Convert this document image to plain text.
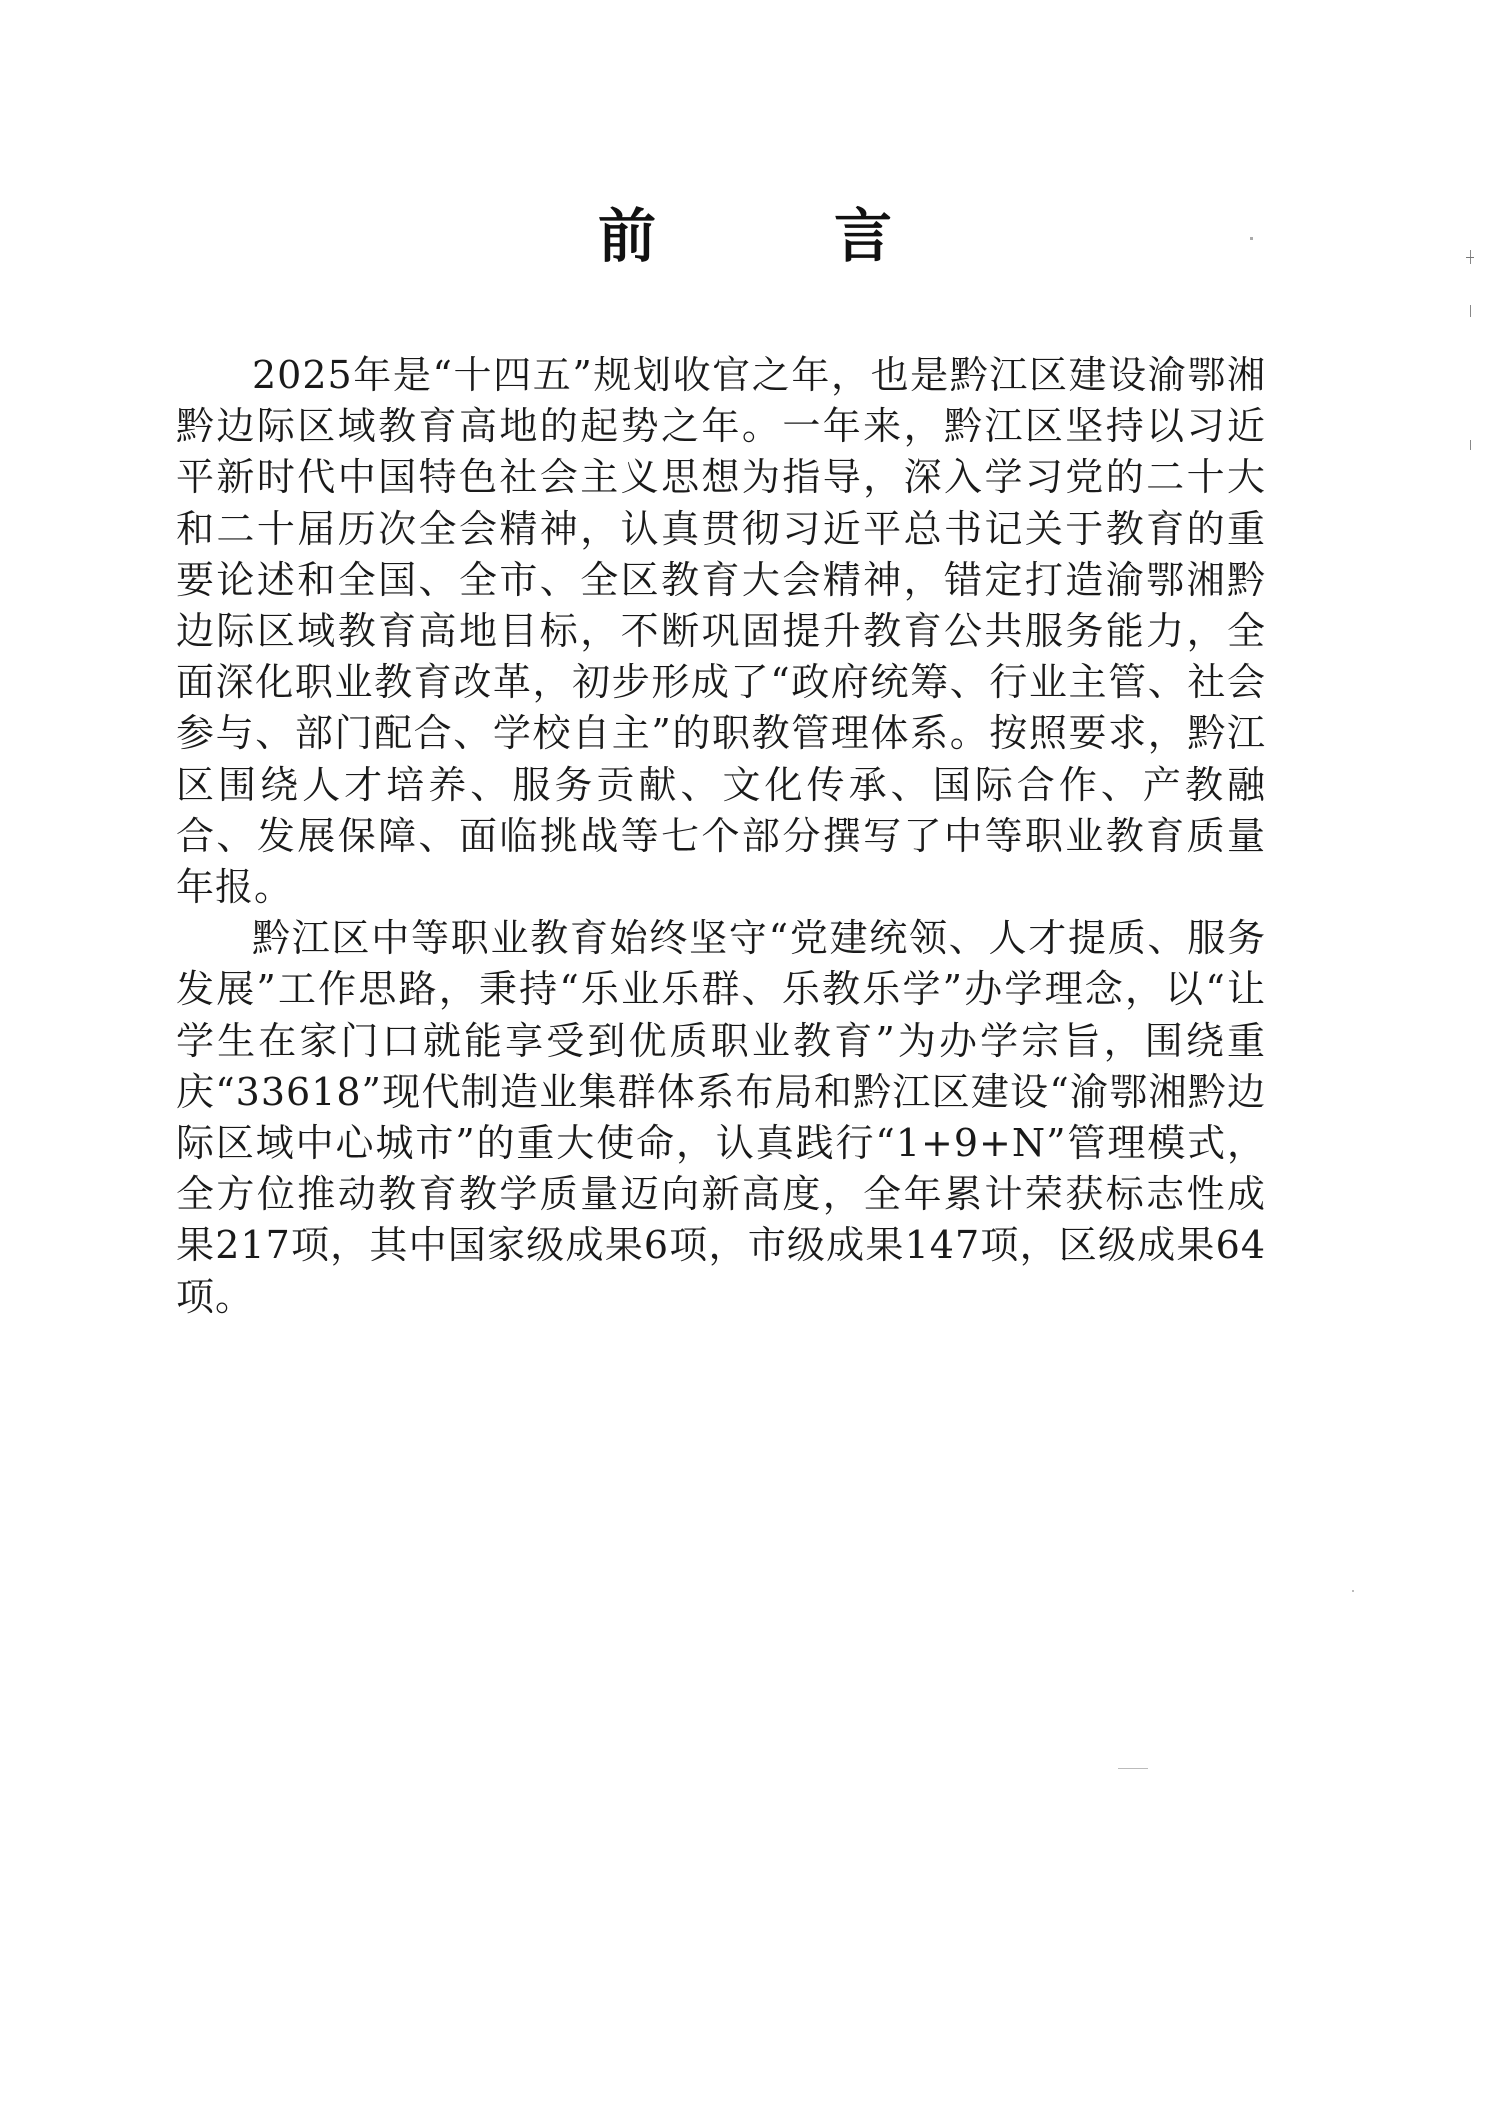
前　言

2025年是“十四五”规划收官之年，也是黔江区建设渝鄂湘黔边际区域教育高地的起势之年。一年来，黔江区坚持以习近平新时代中国特色社会主义思想为指导，深入学习党的二十大和二十届历次全会精神，认真贯彻习近平总书记关于教育的重要论述和全国、全市、全区教育大会精神，错定打造渝鄂湘黔边际区域教育高地目标，不断巩固提升教育公共服务能力，全面深化职业教育改革，初步形成了“政府统筹、行业主管、社会参与、部门配合、学校自主”的职教管理体系。按照要求，黔江区围绕人才培养、服务贡献、文化传承、国际合作、产教融合、发展保障、面临挑战等七个部分撰写了中等职业教育质量年报。

黔江区中等职业教育始终坚守“党建统领、人才提质、服务发展”工作思路，秉持“乐业乐群、乐教乐学”办学理念，以“让学生在家门口就能享受到优质职业教育”为办学宗旨，围绕重庆“33618”现代制造业集群体系布局和黔江区建设“渝鄂湘黔边际区域中心城市”的重大使命，认真践行“1+9+N”管理模式，全方位推动教育教学质量迈向新高度，全年累计荣获标志性成果217项，其中国家级成果6项，市级成果147项，区级成果64项。
